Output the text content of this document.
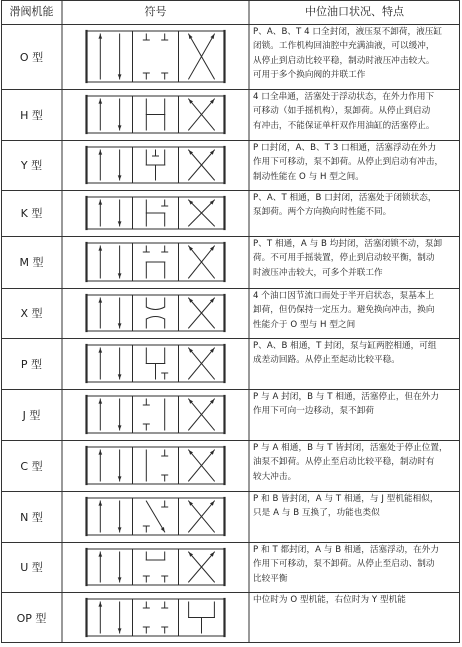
滑阀机能	符号	中位油口状况、特点
O 型
P、A、B、T 4 口全封闭，液压泵不卸荷，液压缸
闭锁。工作机构回油腔中充满油液，可以缓冲，
从停止到启动比较平稳，制动时液压冲击较大。
可用于多个换向阀的并联工作
H 型
4 口全串通，活塞处于浮动状态，在外力作用下
可移动（如手摇机构），泵卸荷。从停止到启动
有冲击，不能保证单杆双作用油缸的活塞停止。
Y 型
P 口封闭，A、B、T 3 口相通，活塞浮动在外力
作用下可移动，泵不卸荷。从停止到启动有冲击，
制动性能在 O 与 H 型之间。
K 型
P、A、T 相通，B 口封闭，活塞处于闭锁状态，
泵卸荷。两个方向换向时性能不同。
M 型
P、T 相通，A 与 B 均封闭，活塞闭锁不动，泵卸
荷。不可用手摇装置，停止到启动较平衡，制动
时液压冲击较大，可多个并联工作
X 型
4 个油口因节流口而处于半开启状态，泵基本上
卸荷，但仍保持一定压力。避免换向冲击，换向
性能介于 O 型与 H 型之间
P 型
P、A、B 相通，T 封闭，泵与缸两腔相通，可组
成差动回路。从停止至起动比较平稳。
J 型
P 与 A 封闭，B 与 T 相通，活塞停止，但在外力
作用下可向一边移动，泵不卸荷
C 型
P 与 A 相通，B 与 T 皆封闭，活塞处于停止位置，
油泵不卸荷。从停止至启动比较平稳，制动时有
较大冲击。
N 型
P 和 B 皆封闭，A 与 T 相通，与 J 型机能相似，
只是 A 与 B 互换了，功能也类似
U 型
P 和 T 都封闭，A 与 B 相通，活塞浮动，在外力
作用下可移动，泵不卸荷。从停止至启动、制动
比较平衡
OP 型
中位时为 O 型机能，右位时为 Y 型机能
